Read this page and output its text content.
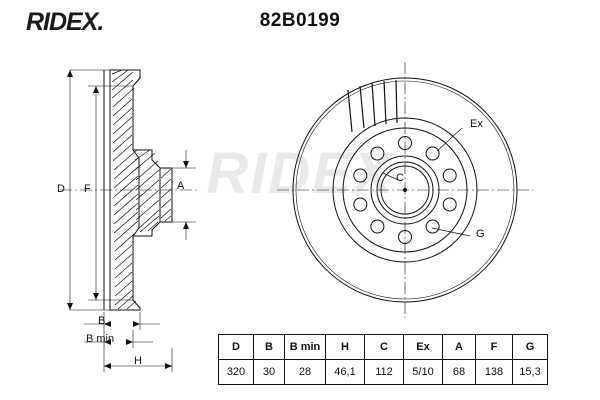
RIDEX.	82B0199
RIDEX
D F	A
B
B min
H
Ex
C
G
D	B	B min	H	C	Ex	A	F	G
320	30	28	46,1	112	5/10	68	138	15,3
